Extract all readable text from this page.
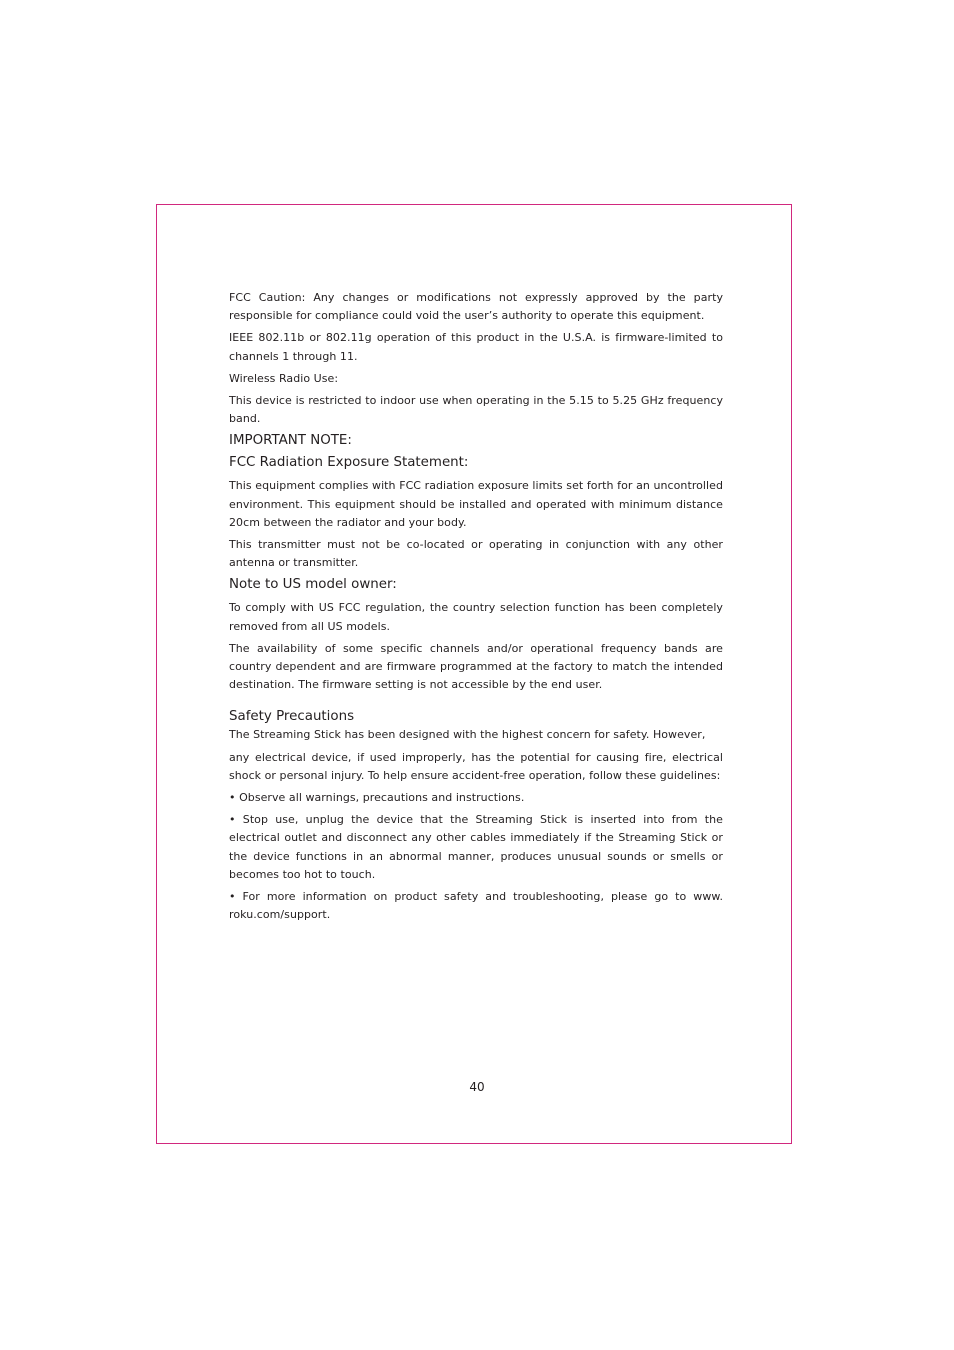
FCC Caution: Any changes or modifications not expressly approved by the party responsible for compliance could void the user’s authority to operate this equipment.

IEEE 802.11b or 802.11g operation of this product in the U.S.A. is firmware-limited to channels 1 through 11.

Wireless Radio Use:

This device is restricted to indoor use when operating in the 5.15 to 5.25 GHz frequency band.

IMPORTANT NOTE:
FCC Radiation Exposure Statement:

This equipment complies with FCC radiation exposure limits set forth for an uncontrolled environment. This equipment should be installed and operated with minimum distance 20cm between the radiator and your body.

This transmitter must not be co-located or operating in conjunction with any other antenna or transmitter.

Note to US model owner:

To comply with US FCC regulation, the country selection function has been completely removed from all US models.

The availability of some specific channels and/or operational frequency bands are country dependent and are firmware programmed at the factory to match the intended destination. The firmware setting is not accessible by the end user.

Safety Precautions

The Streaming Stick has been designed with the highest concern for safety. However,

any electrical device, if used improperly, has the potential for causing fire, electrical shock or personal injury. To help ensure accident-free operation, follow these guidelines:

• Observe all warnings, precautions and instructions.

• Stop use, unplug the device that the Streaming Stick is inserted into from the electrical outlet and disconnect any other cables immediately if the Streaming Stick or the device functions in an abnormal manner, produces unusual sounds or smells or becomes too hot to touch.

• For more information on product safety and troubleshooting, please go to www. roku.com/support.

40
